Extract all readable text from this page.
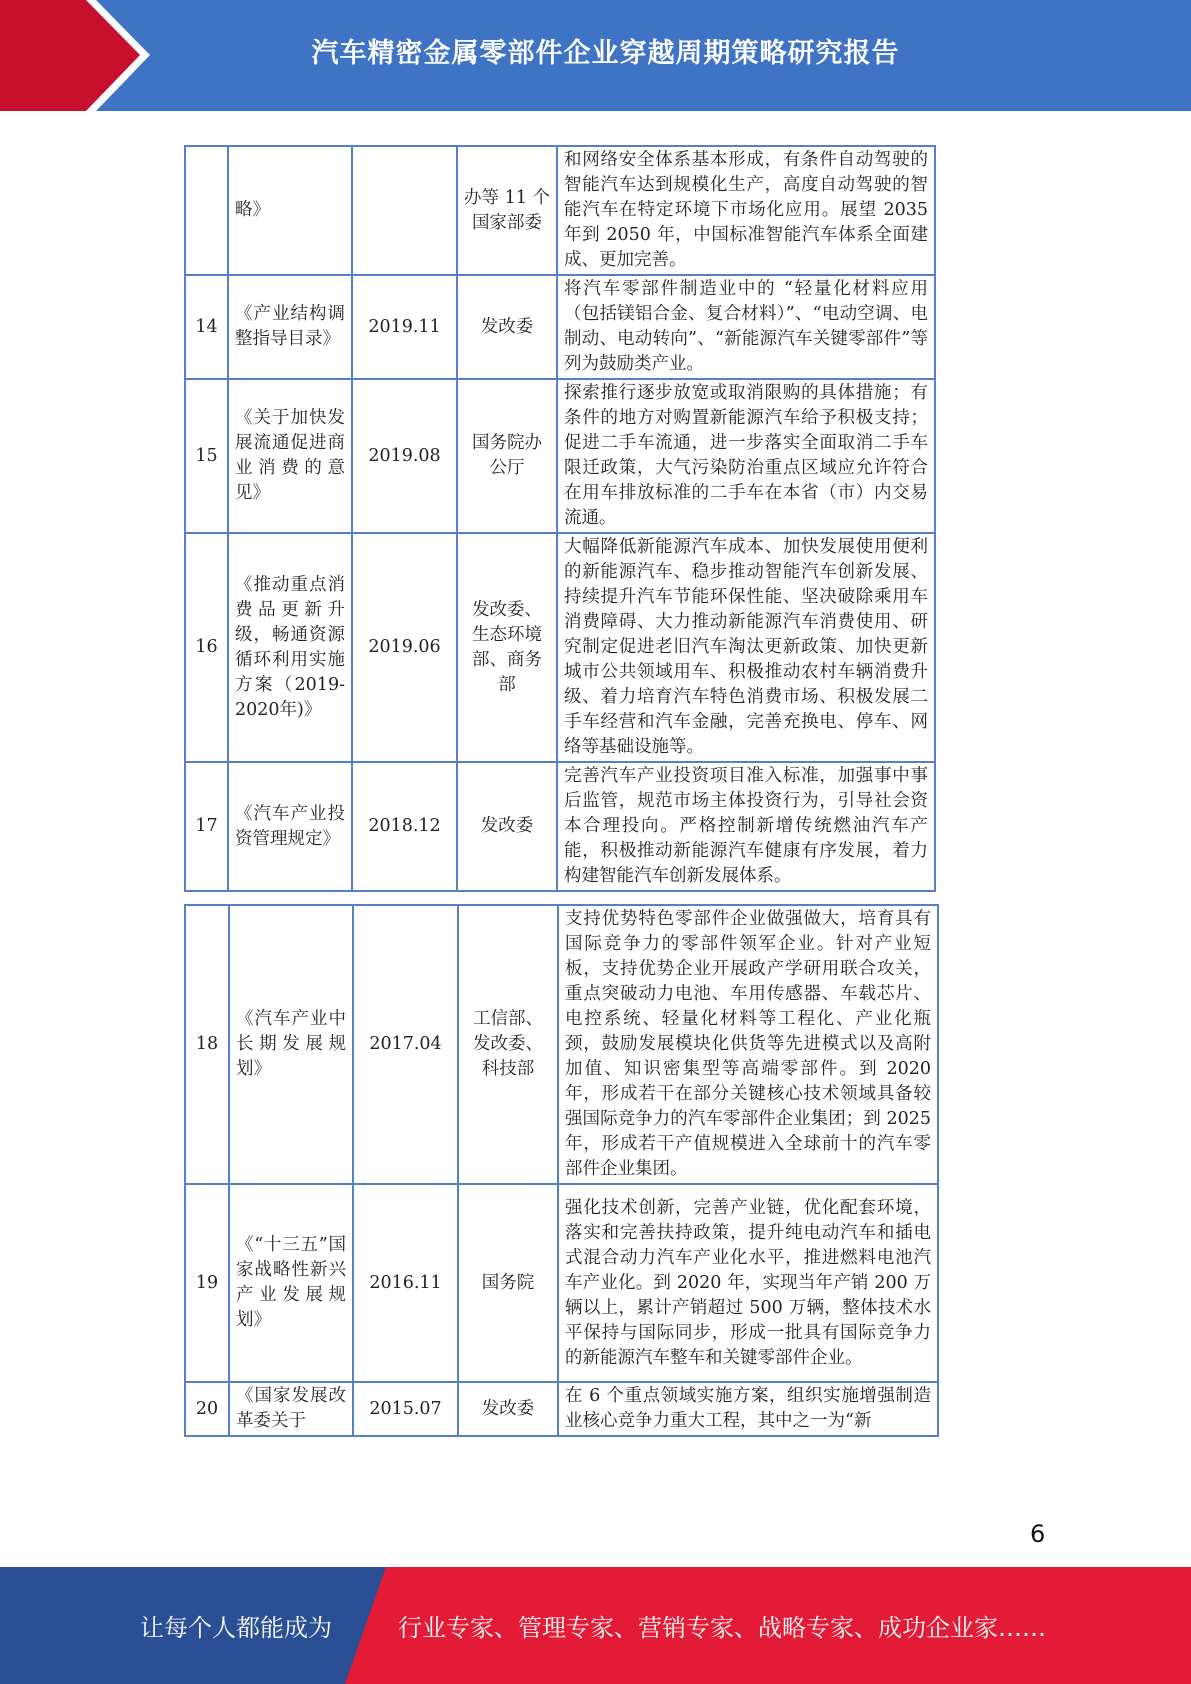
汽车精密金属零部件企业穿越周期策略研究报告
	略》		办等 11 个国家部委	和网络安全体系基本形成，有条件自动驾驶的智能汽车达到规模化生产，高度自动驾驶的智能汽车在特定环境下市场化应用。展望 2035 年到 2050 年，中国标准智能汽车体系全面建成、更加完善。
14	《产业结构调整指导目录》	2019.11	发改委	将汽车零部件制造业中的 “轻量化材料应用（包括镁铝合金、复合材料）”、“电动空调、电制动、电动转向”、“新能源汽车关键零部件”等列为鼓励类产业。
15	《关于加快发展流通促进商业消费的意见》	2019.08	国务院办公厅	探索推行逐步放宽或取消限购的具体措施；有条件的地方对购置新能源汽车给予积极支持；促进二手车流通，进一步落实全面取消二手车限迁政策，大气污染防治重点区域应允许符合在用车排放标准的二手车在本省（市）内交易流通。
16	《推动重点消费品更新升级，畅通资源循环利用实施方案（2019-2020年)》	2019.06	发改委、生态环境部、商务部	大幅降低新能源汽车成本、加快发展使用便利的新能源汽车、稳步推动智能汽车创新发展、持续提升汽车节能环保性能、坚决破除乘用车消费障碍、大力推动新能源汽车消费使用、研究制定促进老旧汽车淘汰更新政策、加快更新城市公共领域用车、积极推动农村车辆消费升级、着力培育汽车特色消费市场、积极发展二手车经营和汽车金融，完善充换电、停车、网络等基础设施等。
17	《汽车产业投资管理规定》	2018.12	发改委	完善汽车产业投资项目准入标准，加强事中事后监管，规范市场主体投资行为，引导社会资本合理投向。严格控制新增传统燃油汽车产能，积极推动新能源汽车健康有序发展，着力构建智能汽车创新发展体系。
18	《汽车产业中长期发展规划》	2017.04	工信部、发改委、科技部	支持优势特色零部件企业做强做大，培育具有国际竞争力的零部件领军企业。针对产业短板，支持优势企业开展政产学研用联合攻关，重点突破动力电池、车用传感器、车载芯片、电控系统、轻量化材料等工程化、产业化瓶颈，鼓励发展模块化供货等先进模式以及高附加值、知识密集型等高端零部件。到 2020 年，形成若干在部分关键核心技术领域具备较强国际竞争力的汽车零部件企业集团；到 2025 年，形成若干产值规模进入全球前十的汽车零部件企业集团。
19	《“十三五”国家战略性新兴产业发展规划》	2016.11	国务院	强化技术创新，完善产业链，优化配套环境，落实和完善扶持政策，提升纯电动汽车和插电式混合动力汽车产业化水平，推进燃料电池汽车产业化。到 2020 年，实现当年产销 200 万辆以上，累计产销超过 500 万辆，整体技术水平保持与国际同步，形成一批具有国际竞争力的新能源汽车整车和关键零部件企业。
20	《国家发展改革委关于	2015.07	发改委	在 6 个重点领域实施方案，组织实施增强制造业核心竞争力重大工程，其中之一为“新
6
让每个人都能成为	行业专家、管理专家、营销专家、战略专家、成功企业家……
